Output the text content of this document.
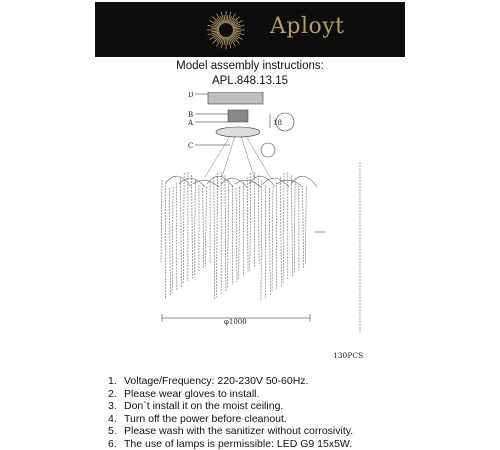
Aployt
Model assembly instructions:
APL.848.13.15
D
B
A
C
18
φ1000
130PCS
1. Voltage/Frequency: 220-230V 50-60Hz.
2. Please wear gloves to install.
3. Don`t install it on the moist ceiling.
4. Turn off the power before cleanout.
5. Please wash with the sanitizer without corrosivity.
6. The use of lamps is permissible: LED G9 15x5W.
